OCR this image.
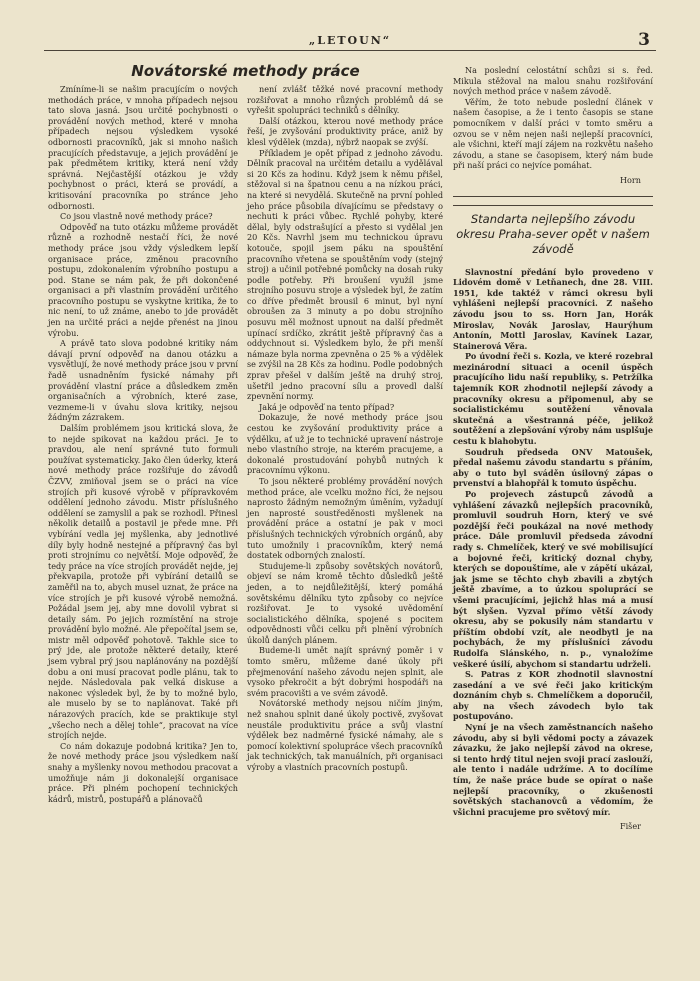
„LETOUN“	3
Novátorské methody práce

Zmíníme-li se našim pracujícím o nových methodách práce, v mnoha případech nejsou tato slova jasná. Jsou určité pochybnosti o provádění nových method, které v mnoha případech nejsou výsledkem vysoké odbornosti pracovníků, jak si mnoho našich pracujících představuje, a jejich provádění je pak předmětem kritiky, která není vždy správná. Nejčastější otázkou je vždy pochybnost o práci, která se provádí, a kritisování pracovníka po stránce jeho odbornosti.

Co jsou vlastně nové methody práce?

Odpověď na tuto otázku můžeme provádět různě a rozhodně nestačí říci, že nové methody práce jsou vždy výsledkem lepší organisace práce, změnou pracovního postupu, zdokonalením výrobního postupu a pod. Stane se nám pak, že při dokončené organisaci a při vlastním provádění určitého pracovního postupu se vyskytne kritika, že to nic není, to už známe, anebo to jde provádět jen na určité práci a nejde přenést na jinou výrobu.

A právě tato slova podobné kritiky nám dávají první odpověď na danou otázku a vysvětlují, že nové methody práce jsou v první řadě usnadněním fysické námahy při provádění vlastní práce a důsledkem změn organisačních a výrobních, které zase, vezmeme-li v úvahu slova kritiky, nejsou žádným zázrakem.

Dalším problémem jsou kritická slova, že to nejde spikovat na každou práci. Je to pravdou, ale není správné tuto formuli používat systematicky. Jako člen úderky, která nové methody práce rozšiřuje do závodů ČZVV, zmiňoval jsem se o práci na více strojích při kusové výrobě v přípravkovém oddělení jednoho závodu. Mistr příslušného oddělení se zamyslil a pak se rozhodl. Přinesl několik detailů a postavil je přede mne. Při vybírání vedla jej myšlenka, aby jednotlivé díly byly hodně nestejné a přípravný čas byl proti strojnímu co největší. Moje odpověď, že tedy práce na více strojích provádět nejde, jej překvapila, protože při vybírání detailů se zaměřil na to, abych musel uznat, že práce na více strojích je při kusové výrobě nemožná. Požádal jsem jej, aby mne dovolil vybrat si detaily sám. Po jejich rozmístění na stroje provádění bylo možné. Ale přepočítal jsem se, mistr měl odpověď pohotově. Takhle sice to prý jde, ale protože některé detaily, které jsem vybral prý jsou naplánovány na pozdější dobu a oni musí pracovat podle plánu, tak to nejde. Následovala pak velká diskuse a nakonec výsledek byl, že by to možné bylo, ale muselo by se to naplánovat. Také při nárazových pracích, kde se praktikuje styl „všecho nech a dělej tohle“, pracovat na více strojích nejde.

Co nám dokazuje podobná kritika? Jen to, že nové methody práce jsou výsledkem naší snahy a myšlenky novou methodou pracovat a umožňuje nám ji dokonalejší organisace práce. Při plném pochopení technických kádrů, mistrů, postupářů a plánovačů

není zvlášť těžké nové pracovní methody rozšiřovat a mnoho různých problémů dá se vyřešit spolupráci techniků s dělníky.

Další otázkou, kterou nové methody práce řeší, je zvyšování produktivity práce, aniž by klesl výdělek (mzda), nýbrž naopak se zvýší.

Příkladem je opět případ z jednoho závodu. Dělník pracoval na určitém detailu a vydělával si 20 Kčs za hodinu. Když jsem k němu přišel, stěžoval si na špatnou cenu a na nízkou práci, na které si nevydělá. Skutečně na první pohled jeho práce působila dívajícímu se představy o nechuti k práci vůbec. Rychlé pohyby, které dělal, byly odstrašující a přesto si vydělal jen 20 Kčs. Navrhl jsem mu technickou úpravu kotouče, spojil jsem páku na spouštění pracovního vřetena se spouštěním vody (stejný stroj) a učinil potřebné pomůcky na dosah ruky podle potřeby. Při broušení využíl jsme strojního posuvu stroje a výsledek byl, že zatím co dříve předmět brousil 6 minut, byl nyní obroušen za 3 minuty a po dobu strojního posuvu měl možnost upnout na další předmět upínací srdíčko, zkrátit ještě přípravný čas a oddychnout si. Výsledkem bylo, že při menší námaze byla norma zpevněna o 25 % a výdělek se zvýšil na 28 Kčs za hodinu. Podle podobných zprav přešel v dalším ještě na druhý stroj, ušetřil jedno pracovní sílu a provedl další zpevnění normy.

Jaká je odpověď na tento případ?

Dokazuje, že nové methody práce jsou cestou ke zvyšování produktivity práce a výdělku, ať už je to technické upravení nástroje nebo vlastního stroje, na kterém pracujeme, a dokonalé prostudování pohybů nutných k pracovnímu výkonu.

To jsou některé problémy provádění nových method práce, ale vcelku možno říci, že nejsou naprosto žádným nemožným úměním, vyžadují jen naprosté soustředěnosti myšlenek na provádění práce a ostatní je pak v moci příslušných technických výrobních orgánů, aby tuto umožnily i pracovníkům, který nemá dostatek odborných znalostí.

Studujeme-li způsoby sovětských novátorů, objeví se nám kromě těchto důsledků ještě jeden, a to nejdůležitější, který pomáhá sovětskému dělníku tyto způsoby co nejvíce rozšiřovat. Je to vysoké uvědomění socialistického dělníka, spojené s pocitem odpovědnosti vůči celku při plnění výrobních úkolů daných plánem.

Budeme-li umět najít správný poměr i v tomto směru, můžeme dané úkoly při přejmenování našeho závodu nejen splnit, ale vysoko překročit a být dobrými hospodáři na svém pracovišti a ve svém závodě.

Novátorské methody nejsou ničím jiným, než snahou splnit dané úkoly poctivě, zvyšovat neustále produktivitu práce a svůj vlastní výdělek bez nadměrné fysické námahy, ale s pomocí kolektivní spolupráce všech pracovníků jak technických, tak manuálních, při organisaci výroby a vlastních pracovních postupů.

Na poslední celostátní schůzi si s. řed. Mikula stěžoval na malou snahu rozšiřování nových method práce v našem závodě.

Věřím, že toto nebude poslední článek v našem časopise, a že i tento časopis se stane pomocníkem v další práci v tomto směru a ozvou se v něm nejen naši nejlepší pracovníci, ale všichni, kteří mají zájem na rozkvětu našeho závodu, a stane se časopisem, který nám bude při naší práci co nejvíce pomáhat.

Horn

Standarta nejlepšího závodu okresu Praha-sever opět v našem závodě

Slavnostní předání bylo provedeno v Lidovém domě v Letňanech, dne 28. VIII. 1951, kde taktéž v rámci okresu byli vyhlášeni nejlepší pracovníci. Z našeho závodu jsou to ss. Horn Jan, Horák Miroslav, Novák Jaroslav, Haurýhum Antonín, Mottl Jaroslav, Kavínek Lazar, Stainerová Věra.

Po úvodní řeči s. Kozla, ve které rozebral mezinárodní situaci a ocenil úspěch pracujícího lidu naší republiky, s. Petržílka tajemník KOR zhodnotil nejlepší závody a pracovníky okresu a připomenul, aby se socialistickému soutěžení věnovala skutečná a všestranná péče, jelikož soutěžení a zlepšování výroby nám usplšuje cestu k blahobytu.

Soudruh předseda ONV Matoušek, předal našemu závodu standartu s přáním, aby o tuto byl sváděn úsilovný zápas o prvenství a blahopřál k tomuto úspěchu.

Po projevech zástupců závodů a vyhlášení závazků nejlepších pracovníků, promluvil soudruh Horn, který ve své pozdější řeči poukázal na nové methody práce. Dále promluvil předseda závodní rady s. Chmelíček, který ve své mobilisující a bojovné řeči, kritický doznal chyby, kterých se dopouštíme, ale v zápětí ukázal, jak jsme se těchto chyb zbavili a zbytých ještě zbavíme, a to úzkou spoluprácí se všemi pracujícími, jejichž hlas má a musí být slyšen. Vyzval přímo větší závody okresu, aby se pokusily nám standartu v příštím období vzít, ale neodbytl je na pochybách, že my příslušníci závodu Rudolfa Slánského, n. p., vynaložíme veškeré úsilí, abychom si standartu udrželi.

S. Patras z KOR zhodnotil slavnostní zasedání a ve své řeči jako kritickým doznáním chyb s. Chmelíčkem a doporučil, aby na všech závodech bylo tak postupováno.

Nyní je na všech zaměstnancích našeho závodu, aby si byli vědomi pocty a závazek závazku, že jako nejlepší závod na okrese, si tento hrdý titul nejen svoji prací zaslouží, ale tento i nadále udržíme. A to docílíme tím, že naše práce bude se opírat o naše nejlepší pracovníky, o zkušenosti sovětských stachanovců a vědomím, že všichni pracujeme pro světový mír.

Fišer
